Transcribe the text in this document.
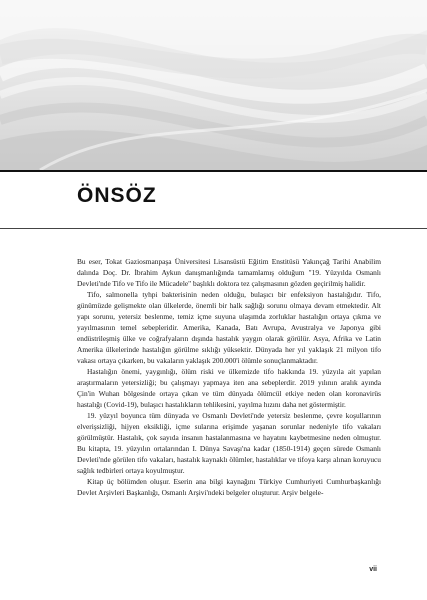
ÖNSÖZ

Bu eser, Tokat Gaziosmanpaşa Üniversitesi Lisansüstü Eğitim Enstitüsü Yakınçağ Tarihi Anabilim dalında Doç. Dr. İbrahim Aykun danışmanlığında tamamlamış olduğum "19. Yüzyılda Osmanlı Devleti'nde Tifo ve Tifo ile Mücadele" başlıklı doktora tez çalışmasının gözden geçirilmiş halidir.

Tifo, salmonella tyhpi bakterisinin neden olduğu, bulaşıcı bir enfeksiyon hastalığıdır. Tifo, günümüzde gelişmekte olan ülkelerde, önemli bir halk sağlığı sorunu olmaya devam etmektedir. Alt yapı sorunu, yetersiz beslenme, temiz içme suyuna ulaşımda zorluklar hastalığın ortaya çıkma ve yayılmasının temel sebepleridir. Amerika, Kanada, Batı Avrupa, Avustralya ve Japonya gibi endüstrileşmiş ülke ve coğrafyaların dışında hastalık yaygın olarak görülür. Asya, Afrika ve Latin Amerika ülkelerinde hastalığın görülme sıklığı yüksektir. Dünyada her yıl yaklaşık 21 milyon tifo vakası ortaya çıkarken, bu vakaların yaklaşık 200.000'i ölümle sonuçlanmaktadır.

Hastalığın önemi, yaygınlığı, ölüm riski ve ülkemizde tifo hakkında 19. yüzyıla ait yapılan araştırmaların yetersizliği; bu çalışmayı yapmaya iten ana sebeplerdir. 2019 yılının aralık ayında Çin'in Wuhan bölgesinde ortaya çıkan ve tüm dünyada ölümcül etkiye neden olan koronavirüs hastalığı (Covid-19), bulaşıcı hastalıkların tehlikesini, yayılma hızını daha net göstermiştir.

19. yüzyıl boyunca tüm dünyada ve Osmanlı Devleti'nde yetersiz beslenme, çevre koşullarının elverişsizliği, hijyen eksikliği, içme sularına erişimde yaşanan sorunlar nedeniyle tifo vakaları görülmüştür. Hastalık, çok sayıda insanın hastalanmasına ve hayatını kaybetmesine neden olmuştur. Bu kitapta, 19. yüzyılın ortalarından I. Dünya Savaşı'na kadar (1850-1914) geçen sürede Osmanlı Devleti'nde görülen tifo vakaları, hastalık kaynaklı ölümler, hastalıklar ve tifoya karşı alınan koruyucu sağlık tedbirleri ortaya koyulmuştur.

Kitap üç bölümden oluşur. Eserin ana bilgi kaynağını Türkiye Cumhuriyeti Cumhurbaşkanlığı Devlet Arşivleri Başkanlığı, Osmanlı Arşivi'ndeki belgeler oluşturur. Arşiv belgele-

vii
